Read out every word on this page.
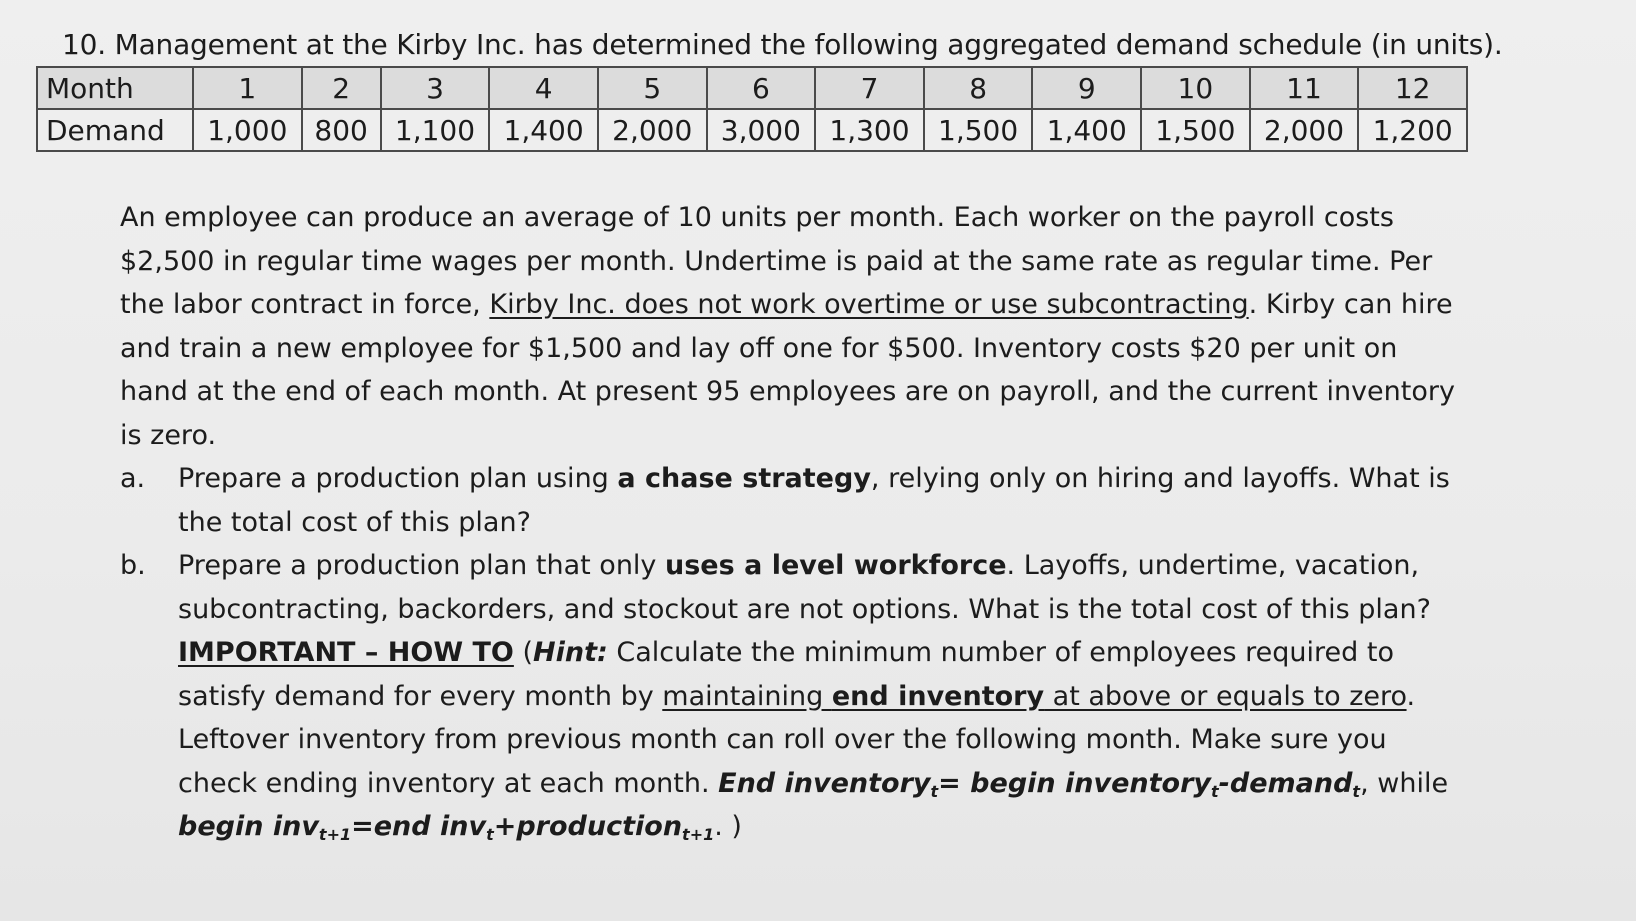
10. Management at the Kirby Inc. has determined the following aggregated demand schedule (in units).
Month	1	2	3	4	5	6	7	8	9	10	11	12
Demand	1,000	800	1,100	1,400	2,000	3,000	1,300	1,500	1,400	1,500	2,000	1,200

An employee can produce an average of 10 units per month. Each worker on the payroll costs $2,500 in regular time wages per month. Undertime is paid at the same rate as regular time. Per the labor contract in force, Kirby Inc. does not work overtime or use subcontracting. Kirby can hire and train a new employee for $1,500 and lay off one for $500. Inventory costs $20 per unit on hand at the end of each month. At present 95 employees are on payroll, and the current inventory is zero.

a.	Prepare a production plan using a chase strategy, relying only on hiring and layoffs. What is the total cost of this plan?
b.	Prepare a production plan that only uses a level workforce. Layoffs, undertime, vacation, subcontracting, backorders, and stockout are not options. What is the total cost of this plan?
IMPORTANT – HOW TO (Hint: Calculate the minimum number of employees required to satisfy demand for every month by maintaining end inventory at above or equals to zero.
Leftover inventory from previous month can roll over the following month. Make sure you check ending inventory at each month. End inventory$_t$= begin inventory$_t$-demand$_t$, while begin inv$_{t+1}$=end inv$_t$+production$_{t+1}$. )
